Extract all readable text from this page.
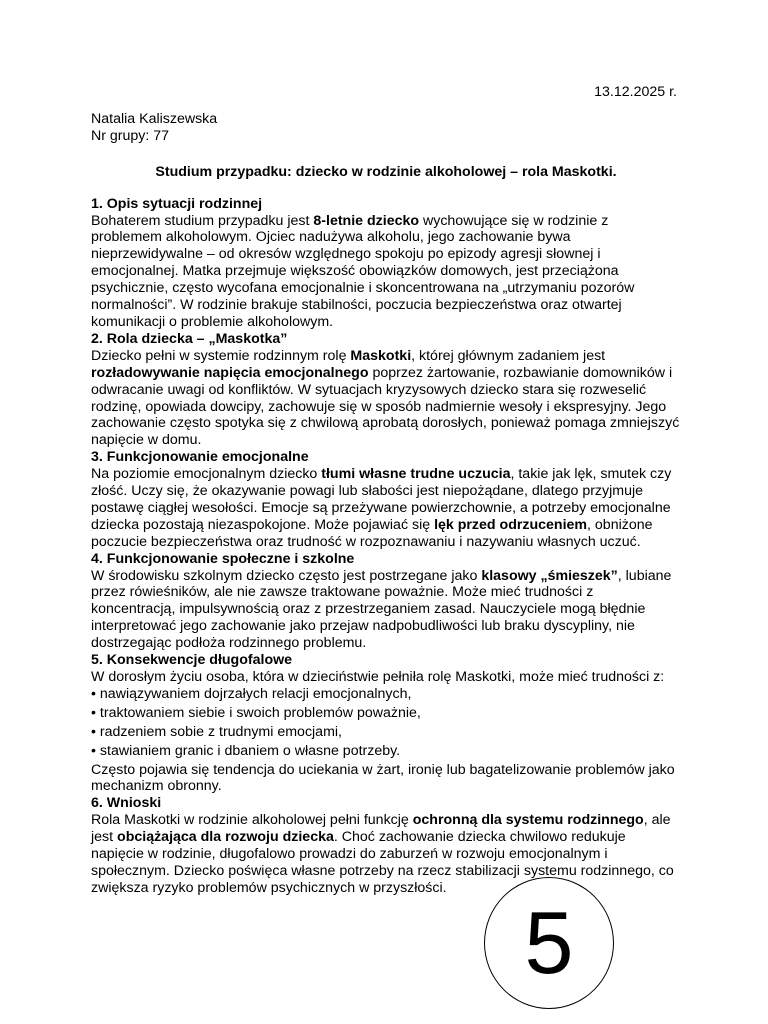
13.12.2025 r.

Natalia Kaliszewska

Nr grupy: 77

Studium przypadku: dziecko w rodzinie alkoholowej – rola Maskotki.

1. Opis sytuacji rodzinnej

Bohaterem studium przypadku jest 8-letnie dziecko wychowujące się w rodzinie z problemem alkoholowym. Ojciec nadużywa alkoholu, jego zachowanie bywa nieprzewidywalne – od okresów względnego spokoju po epizody agresji słownej i emocjonalnej. Matka przejmuje większość obowiązków domowych, jest przeciążona psychicznie, często wycofana emocjonalnie i skoncentrowana na „utrzymaniu pozorów normalności”. W rodzinie brakuje stabilności, poczucia bezpieczeństwa oraz otwartej komunikacji o problemie alkoholowym.

2. Rola dziecka – „Maskotka”

Dziecko pełni w systemie rodzinnym rolę Maskotki, której głównym zadaniem jest rozładowywanie napięcia emocjonalnego poprzez żartowanie, rozbawianie domowników i odwracanie uwagi od konfliktów. W sytuacjach kryzysowych dziecko stara się rozweselić rodzinę, opowiada dowcipy, zachowuje się w sposób nadmiernie wesoły i ekspresyjny. Jego zachowanie często spotyka się z chwilową aprobatą dorosłych, ponieważ pomaga zmniejszyć napięcie w domu.

3. Funkcjonowanie emocjonalne

Na poziomie emocjonalnym dziecko tłumi własne trudne uczucia, takie jak lęk, smutek czy złość. Uczy się, że okazywanie powagi lub słabości jest niepożądane, dlatego przyjmuje postawę ciągłej wesołości. Emocje są przeżywane powierzchownie, a potrzeby emocjonalne dziecka pozostają niezaspokojone. Może pojawiać się lęk przed odrzuceniem, obniżone poczucie bezpieczeństwa oraz trudność w rozpoznawaniu i nazywaniu własnych uczuć.

4. Funkcjonowanie społeczne i szkolne

W środowisku szkolnym dziecko często jest postrzegane jako klasowy „śmieszek”, lubiane przez rówieśników, ale nie zawsze traktowane poważnie. Może mieć trudności z koncentracją, impulsywnością oraz z przestrzeganiem zasad. Nauczyciele mogą błędnie interpretować jego zachowanie jako przejaw nadpobudliwości lub braku dyscypliny, nie dostrzegając podłoża rodzinnego problemu.

5. Konsekwencje długofalowe

W dorosłym życiu osoba, która w dzieciństwie pełniła rolę Maskotki, może mieć trudności z:

• nawiązywaniem dojrzałych relacji emocjonalnych,
• traktowaniem siebie i swoich problemów poważnie,
• radzeniem sobie z trudnymi emocjami,
• stawianiem granic i dbaniem o własne potrzeby.

Często pojawia się tendencja do uciekania w żart, ironię lub bagatelizowanie problemów jako mechanizm obronny.

6. Wnioski

Rola Maskotki w rodzinie alkoholowej pełni funkcję ochronną dla systemu rodzinnego, ale jest obciążająca dla rozwoju dziecka. Choć zachowanie dziecka chwilowo redukuje napięcie w rodzinie, długofalowo prowadzi do zaburzeń w rozwoju emocjonalnym i społecznym. Dziecko poświęca własne potrzeby na rzecz stabilizacji systemu rodzinnego, co zwiększa ryzyko problemów psychicznych w przyszłości.

5
